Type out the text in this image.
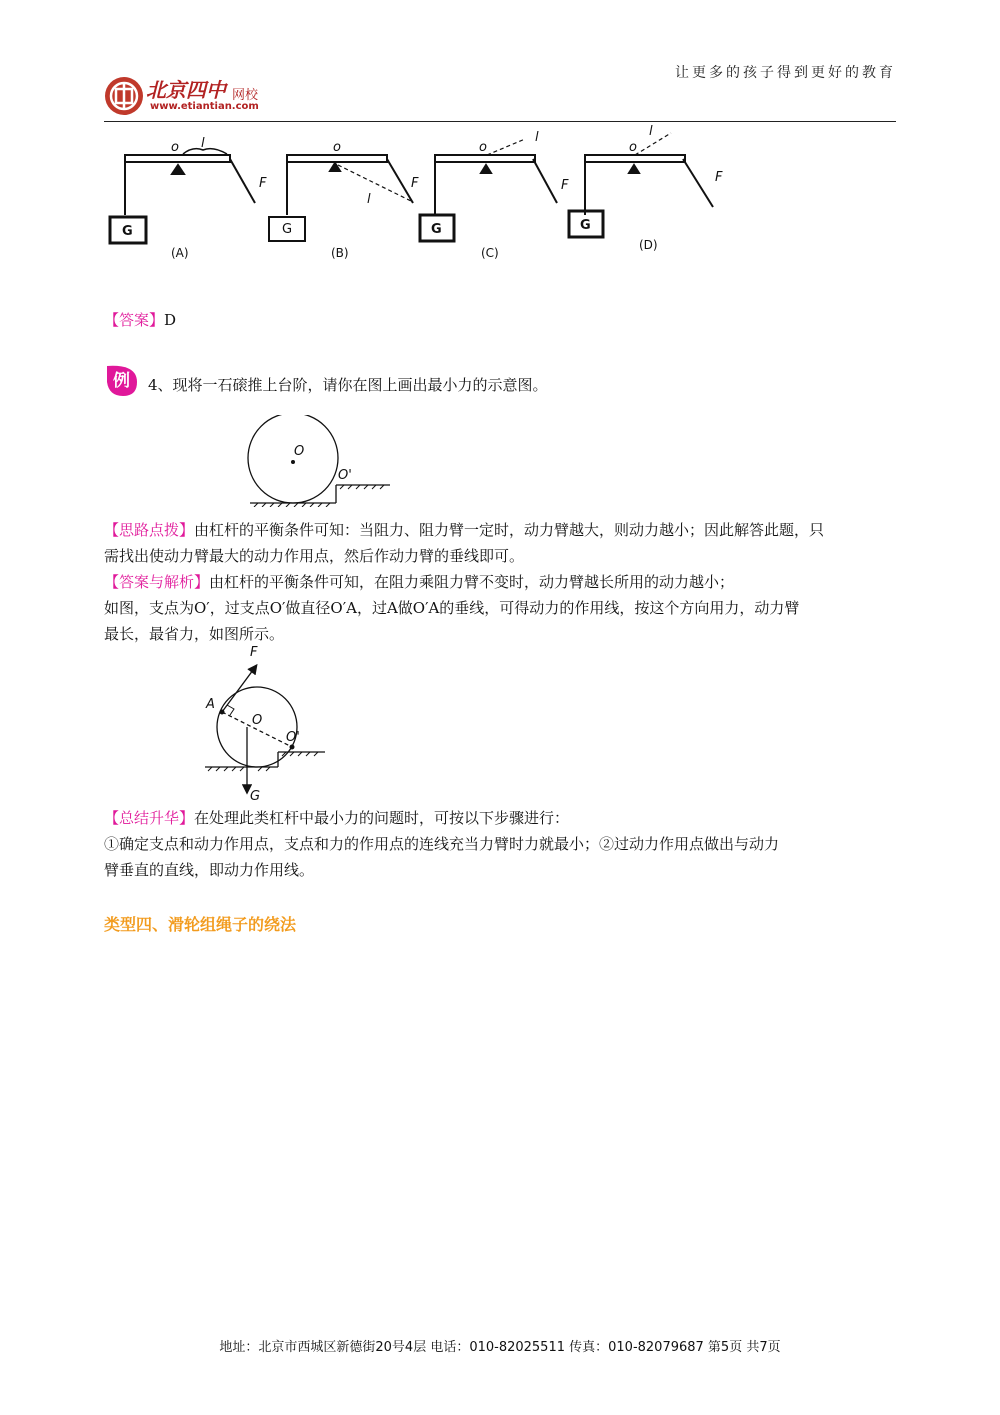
北京四中 网校
www.etiantian.com
让更多的孩子得到更好的教育
G	G	G	G
o	o	o	o
l
l
l	l
F	F	F
F
(A)	(B)	(C)
(D)
【答案】D
例 4、现将一石磙推上台阶，请你在图上画出最小力的示意图。
O
O'
【思路点拨】由杠杆的平衡条件可知：当阻力、阻力臂一定时，动力臂越大，则动力越小；因此解答此题，只
需找出使动力臂最大的动力作用点，然后作动力臂的垂线即可。
【答案与解析】由杠杆的平衡条件可知，在阻力乘阻力臂不变时，动力臂越长所用的动力越小；
如图，支点为O′，过支点O′做直径O′A，过A做O′A的垂线，可得动力的作用线，按这个方向用力，动力臂
最长，最省力，如图所示。
F
A
O
O'
G
【总结升华】在处理此类杠杆中最小力的问题时，可按以下步骤进行：
①确定支点和动力作用点，支点和力的作用点的连线充当力臂时力就最小；②过动力作用点做出与动力
臂垂直的直线，即动力作用线。
类型四、滑轮组绳子的绕法
地址：北京市西城区新德街20号4层 电话：010-82025511 传真：010-82079687 第5页 共7页
